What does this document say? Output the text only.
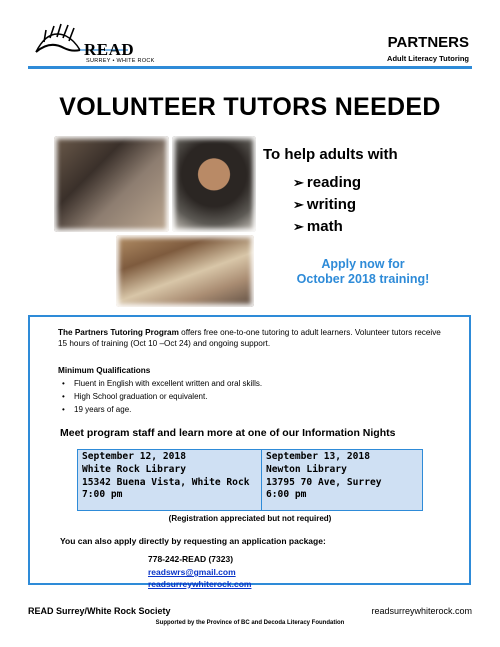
READ
SURREY • WHITE ROCK
PARTNERS
Adult Literacy Tutoring
VOLUNTEER TUTORS NEEDED
To help adults with
➢ reading
➢ writing
➢ math
Apply now for
October 2018 training!
The Partners Tutoring Program offers free one-to-one tutoring to adult learners. Volunteer tutors receive 15 hours of training (Oct 10 –Oct 24) and ongoing support.
Minimum Qualifications
• Fluent in English with excellent written and oral skills.
• High School graduation or equivalent.
• 19 years of age.
Meet program staff and learn more at one of our Information Nights
September 12, 2018
White Rock Library
15342 Buena Vista, White Rock
7:00 pm
September 13, 2018
Newton Library
13795 70 Ave, Surrey
6:00 pm
(Registration appreciated but not required)
You can also apply directly by requesting an application package:
778-242-READ (7323)
readswrs@gmail.com
readsurreywhiterock.com
READ Surrey/White Rock Society	readsurreywhiterock.com
Supported by the Province of BC and Decoda Literacy Foundation
